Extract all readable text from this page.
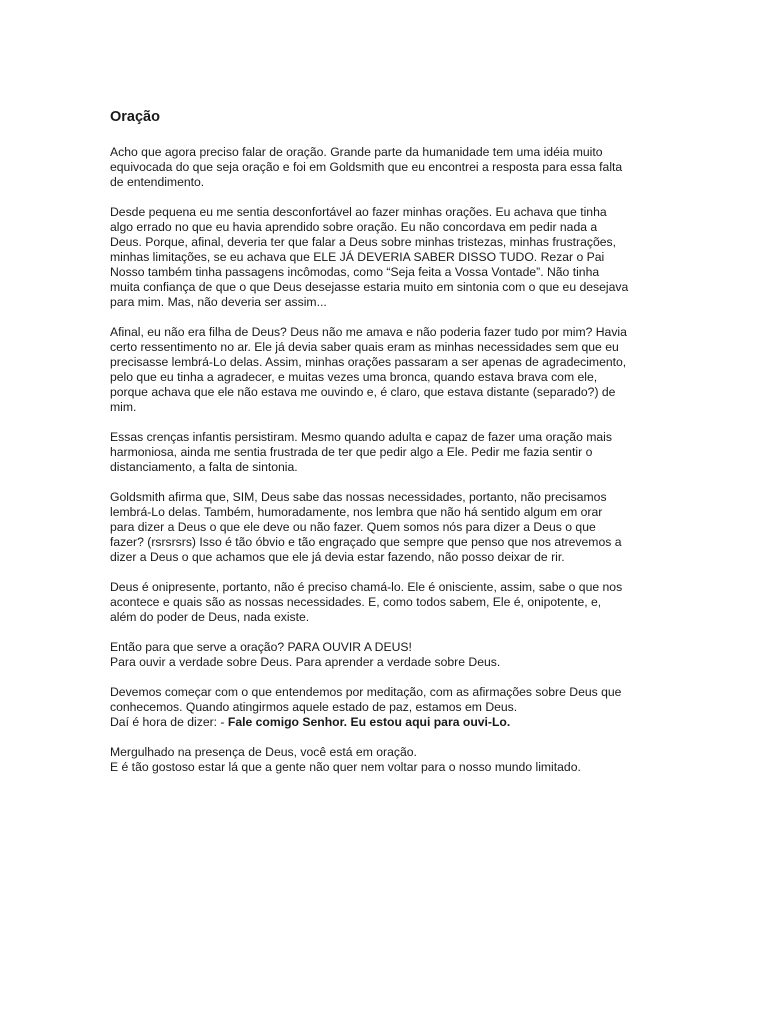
Oração
Acho que agora preciso falar de oração. Grande parte da humanidade tem uma idéia muito
equivocada do que seja oração e foi em Goldsmith que eu encontrei a resposta para essa falta
de entendimento.
Desde pequena eu me sentia desconfortável ao fazer minhas orações. Eu achava que tinha
algo errado no que eu havia aprendido sobre oração. Eu não concordava em pedir nada a
Deus. Porque, afinal, deveria ter que falar a Deus sobre minhas tristezas, minhas frustrações,
minhas limitações, se eu achava que ELE JÁ DEVERIA SABER DISSO TUDO. Rezar o Pai
Nosso também tinha passagens incômodas, como “Seja feita a Vossa Vontade”. Não tinha
muita confiança de que o que Deus desejasse estaria muito em sintonia com o que eu desejava
para mim. Mas, não deveria ser assim...
Afinal, eu não era filha de Deus? Deus não me amava e não poderia fazer tudo por mim? Havia
certo ressentimento no ar. Ele já devia saber quais eram as minhas necessidades sem que eu
precisasse lembrá-Lo delas. Assim, minhas orações passaram a ser apenas de agradecimento,
pelo que eu tinha a agradecer, e muitas vezes uma bronca, quando estava brava com ele,
porque achava que ele não estava me ouvindo e, é claro, que estava distante (separado?) de
mim.
Essas crenças infantis persistiram. Mesmo quando adulta e capaz de fazer uma oração mais
harmoniosa, ainda me sentia frustrada de ter que pedir algo a Ele. Pedir me fazia sentir o
distanciamento, a falta de sintonia.
Goldsmith afirma que, SIM, Deus sabe das nossas necessidades, portanto, não precisamos
lembrá-Lo delas. Também, humoradamente, nos lembra que não há sentido algum em orar
para dizer a Deus o que ele deve ou não fazer. Quem somos nós para dizer a Deus o que
fazer? (rsrsrsrs) Isso é tão óbvio e tão engraçado que sempre que penso que nos atrevemos a
dizer a Deus o que achamos que ele já devia estar fazendo, não posso deixar de rir.
Deus é onipresente, portanto, não é preciso chamá-lo. Ele é onisciente, assim, sabe o que nos
acontece e quais são as nossas necessidades. E, como todos sabem, Ele é, onipotente, e,
além do poder de Deus, nada existe.
Então para que serve a oração? PARA OUVIR A DEUS!
Para ouvir a verdade sobre Deus. Para aprender a verdade sobre Deus.
Devemos começar com o que entendemos por meditação, com as afirmações sobre Deus que
conhecemos. Quando atingirmos aquele estado de paz, estamos em Deus.
Daí é hora de dizer: - Fale comigo Senhor. Eu estou aqui para ouvi-Lo.
Mergulhado na presença de Deus, você está em oração.
E é tão gostoso estar lá que a gente não quer nem voltar para o nosso mundo limitado.
